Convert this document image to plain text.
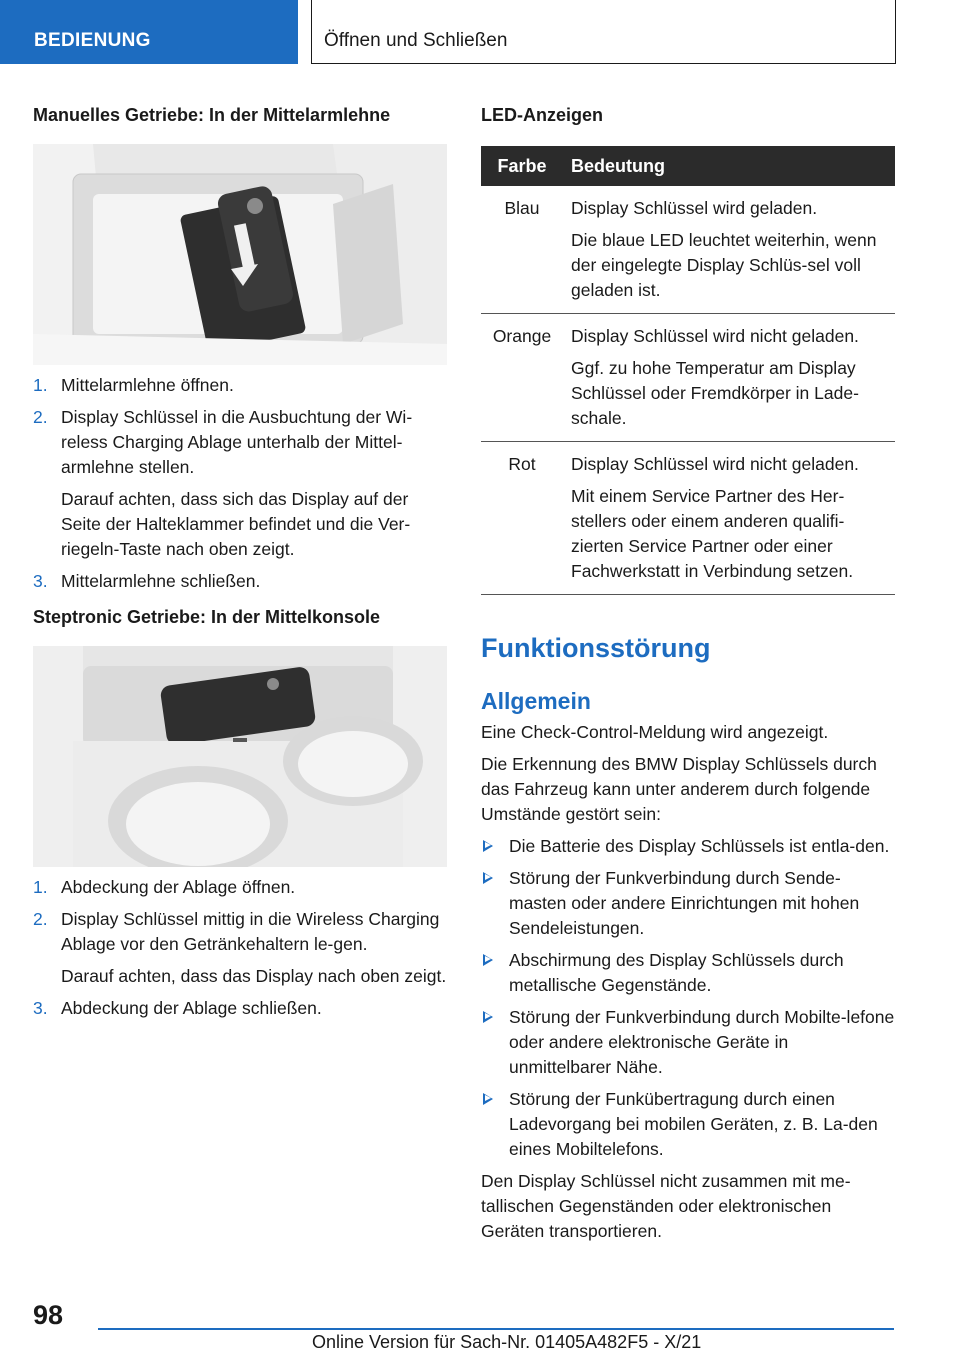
BEDIENUNG	Öffnen und Schließen
Manuelles Getriebe: In der Mittelarmlehne
1. Mittelarmlehne öffnen.

2. Display Schlüssel in die Ausbuchtung der Wi-reless Charging Ablage unterhalb der Mittel-armlehne stellen.

Darauf achten, dass sich das Display auf der Seite der Halteklammer befindet und die Ver-riegeln-Taste nach oben zeigt.

3. Mittelarmlehne schließen.

Steptronic Getriebe: In der Mittelkonsole
1. Abdeckung der Ablage öffnen.

2. Display Schlüssel mittig in die Wireless Charging Ablage vor den Getränkehaltern le-gen.

Darauf achten, dass das Display nach oben zeigt.

3. Abdeckung der Ablage schließen.

LED-Anzeigen
Farbe	Bedeutung
Blau	Display Schlüssel wird geladen.

Die blaue LED leuchtet weiterhin, wenn der eingelegte Display Schlüs-sel voll geladen ist.

Orange	Display Schlüssel wird nicht geladen.

Ggf. zu hohe Temperatur am Display Schlüssel oder Fremdkörper in Lade-schale.

Rot	Display Schlüssel wird nicht geladen.

Mit einem Service Partner des Her-stellers oder einem anderen qualifi-zierten Service Partner oder einer Fachwerkstatt in Verbindung setzen.

Funktionsstörung
Allgemein

Eine Check-Control-Meldung wird angezeigt.

Die Erkennung des BMW Display Schlüssels durch das Fahrzeug kann unter anderem durch folgende Umstände gestört sein:

Die Batterie des Display Schlüssels ist entla-den.
Störung der Funkverbindung durch Sende-masten oder andere Einrichtungen mit hohen Sendeleistungen.
Abschirmung des Display Schlüssels durch metallische Gegenstände.
Störung der Funkverbindung durch Mobilte-lefone oder andere elektronische Geräte in unmittelbarer Nähe.
Störung der Funkübertragung durch einen Ladevorgang bei mobilen Geräten, z. B. La-den eines Mobiltelefons.

Den Display Schlüssel nicht zusammen mit me-tallischen Gegenständen oder elektronischen Geräten transportieren.

98
Online Version für Sach-Nr. 01405A482F5 - X/21
